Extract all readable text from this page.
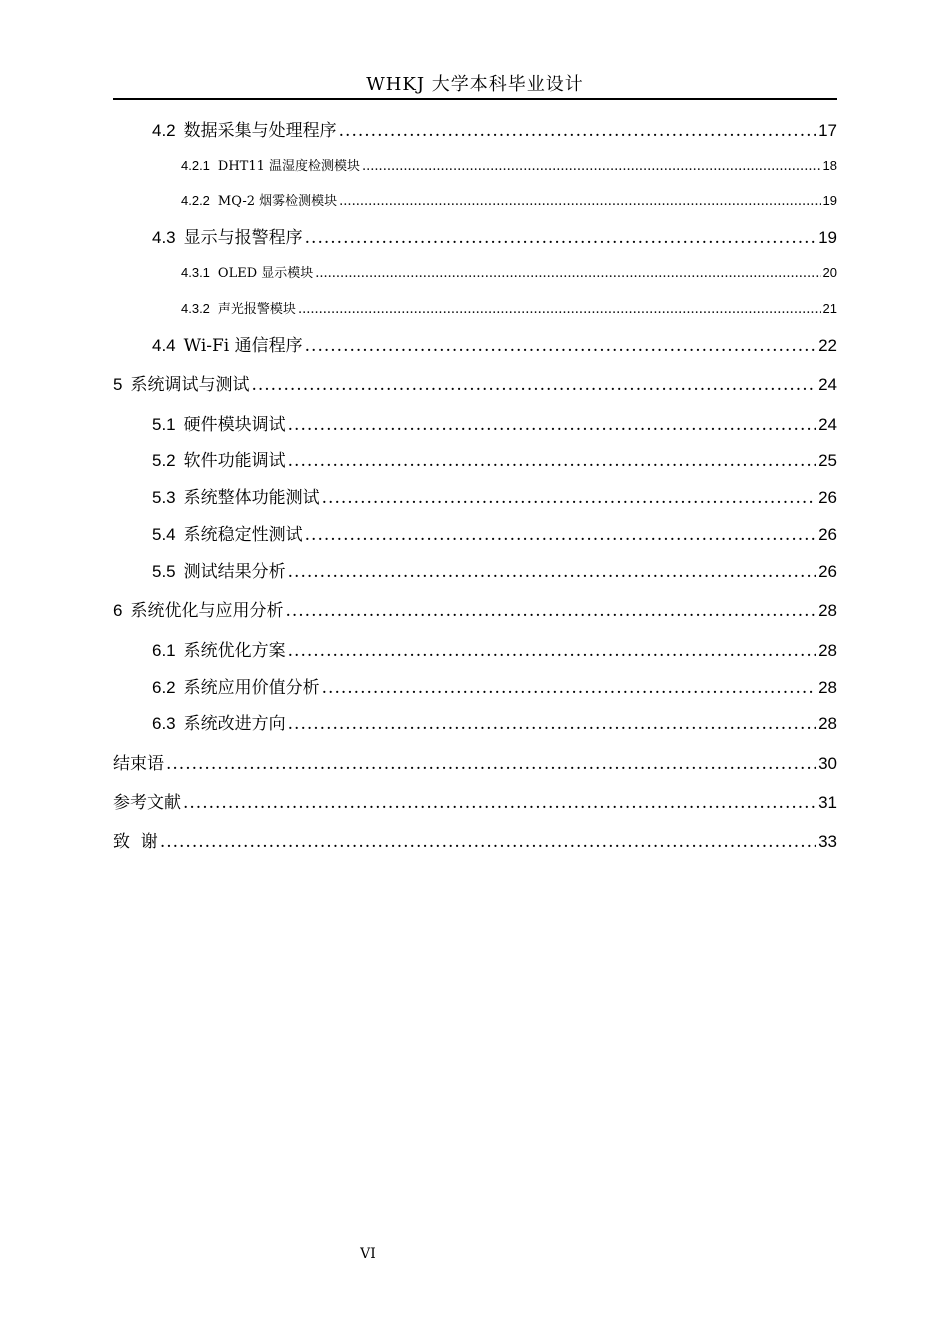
WHKJ 大学本科毕业设计
4.2 数据采集与处理程序 .....	17
4.2.1 DHT11 温湿度检测模块 .....	18
4.2.2 MQ-2 烟雾检测模块 .....	19
4.3 显示与报警程序 .....	19
4.3.1 OLED 显示模块 .....	20
4.3.2 声光报警模块 .....	21
4.4 Wi-Fi 通信程序 .....	22
5 系统调试与测试 .....	24
5.1 硬件模块调试 .....	24
5.2 软件功能调试 .....	25
5.3 系统整体功能测试 .....	26
5.4 系统稳定性测试 .....	26
5.5 测试结果分析 .....	26
6 系统优化与应用分析 .....	28
6.1 系统优化方案 .....	28
6.2 系统应用价值分析 .....	28
6.3 系统改进方向 .....	28
结束语 .....	30
参考文献 .....	31
致  谢 .....	33
VI
